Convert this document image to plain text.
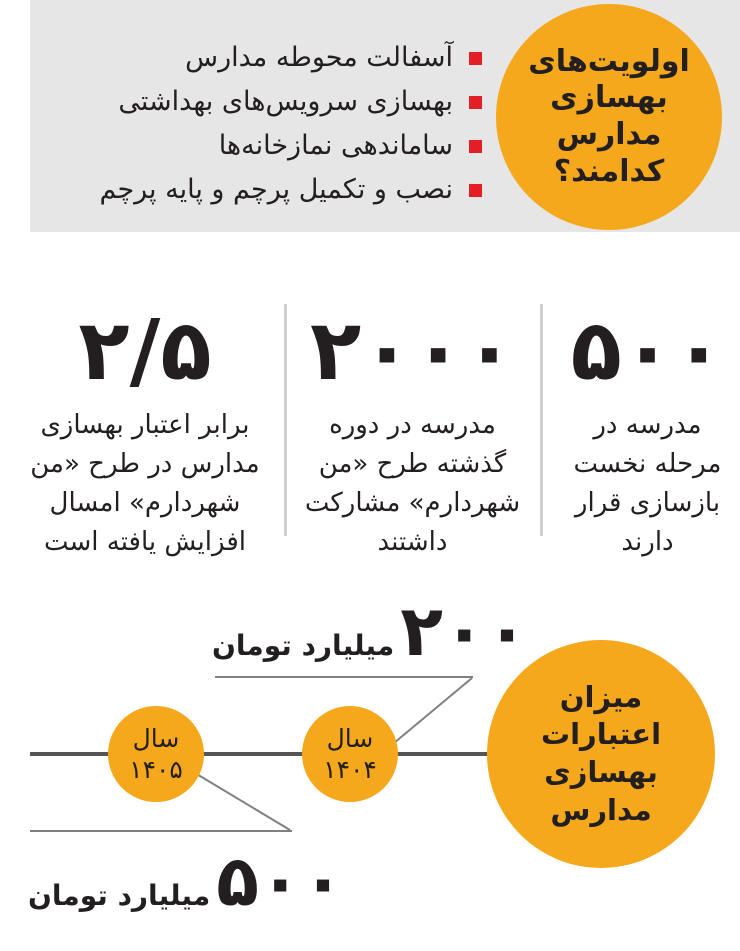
آسفالت محوطه مدارس
بهسازی سرویس‌های بهداشتی
ساماندهی نمازخانه‌ها
نصب و تکمیل پرچم و پایه پرچم
اولویت‌های بهسازی مدارس کدامند؟
۵۰۰
مدرسه در مرحله نخست بازسازی قرار دارند
۲۰۰۰
مدرسه در دوره گذشته طرح «من شهردارم» مشارکت داشتند
۲/۵
برابر اعتبار بهسازی مدارس در طرح «من شهردارم» امسال افزایش یافته است
سال
۱۴۰۴
سال
۱۴۰۵
۲۰۰
میلیارد تومان
۵۰۰
میلیارد تومان
میزان اعتبارات بهسازی مدارس
